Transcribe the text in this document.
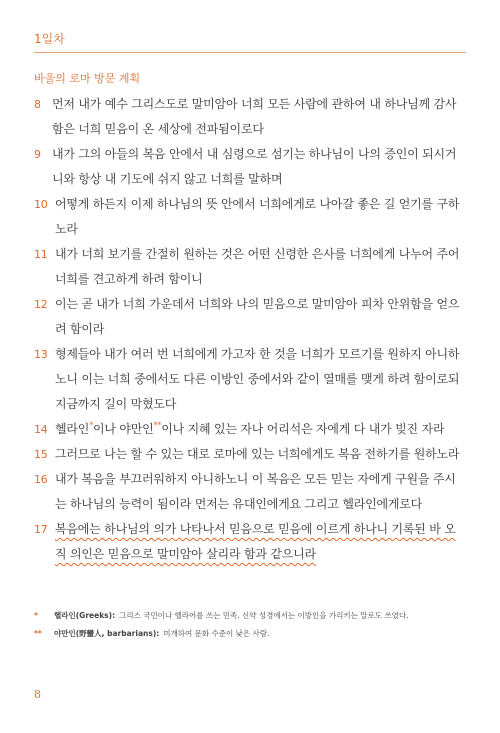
1일차
바울의 로마 방문 계획
8 먼저 내가 예수 그리스도로 말미암아 너희 모든 사람에 관하여 내 하나님께 감사함은 너희 믿음이 온 세상에 전파됨이로다
9 내가 그의 아들의 복음 안에서 내 심령으로 섬기는 하나님이 나의 증인이 되시거니와 항상 내 기도에 쉬지 않고 너희를 말하며
10 어떻게 하든지 이제 하나님의 뜻 안에서 너희에게로 나아갈 좋은 길 얻기를 구하노라
11 내가 너희 보기를 간절히 원하는 것은 어떤 신령한 은사를 너희에게 나누어 주어 너희를 견고하게 하려 함이니
12 이는 곧 내가 너희 가운데서 너희와 나의 믿음으로 말미암아 피차 안위함을 얻으려 함이라
13 형제들아 내가 여러 번 너희에게 가고자 한 것을 너희가 모르기를 원하지 아니하노니 이는 너희 중에서도 다른 이방인 중에서와 같이 열매를 맺게 하려 함이로되 지금까지 길이 막혔도다
14 헬라인*이나 야만인**이나 지혜 있는 자나 어리석은 자에게 다 내가 빚진 자라
15 그러므로 나는 할 수 있는 대로 로마에 있는 너희에게도 복음 전하기를 원하노라
16 내가 복음을 부끄러워하지 아니하노니 이 복음은 모든 믿는 자에게 구원을 주시는 하나님의 능력이 됨이라 먼저는 유대인에게요 그리고 헬라인에게로다
17 복음에는 하나님의 의가 나타나서 믿음으로 믿음에 이르게 하나니 기록된 바 오직 의인은 믿음으로 말미암아 살리라 함과 같으니라
*	헬라인(Greeks): 그리스 국민이나 헬라어를 쓰는 민족. 신약 성경에서는 이방인을 가리키는 말로도 쓰였다.
**	야만인(野蠻人, barbarians): 미개하여 문화 수준이 낮은 사람.
8
